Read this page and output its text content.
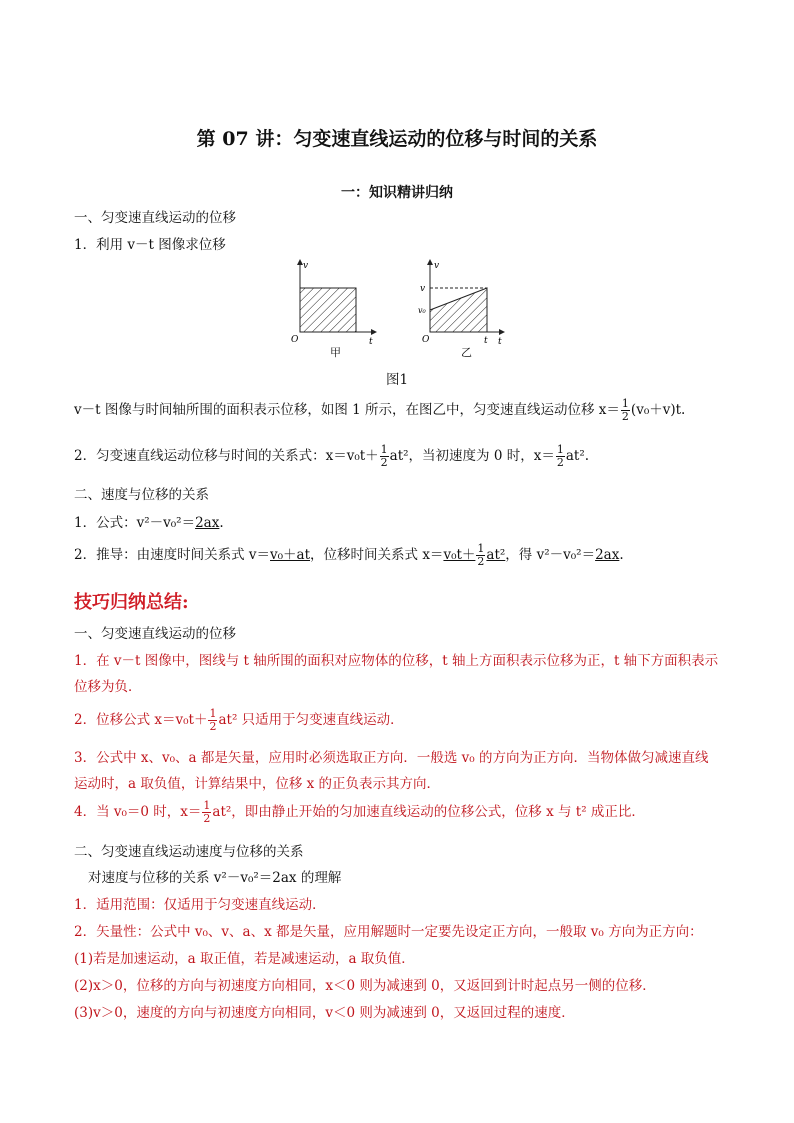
第 07 讲：匀变速直线运动的位移与时间的关系
一：知识精讲归纳
一、匀变速直线运动的位移
1．利用 v－t 图像求位移
v
t
O
甲
v
t
O
v
v₀
t
乙
图1
v－t 图像与时间轴所围的面积表示位移，如图 1 所示，在图乙中，匀变速直线运动位移 $x= \frac{1}{2} (v_0+v)t$.
2．匀变速直线运动位移与时间的关系式：$x=v_0t+ \frac{1}{2} at^2$，当初速度为 0 时，$x= \frac{1}{2} at^2$.
二、速度与位移的关系
1．公式：v²－v₀²＝2ax.
2．推导：由速度时间关系式 v＝v₀＋at，位移时间关系式 $x=v_0t+ \frac{1}{2} at^2$，得 v²－v₀²＝2ax.
技巧归纳总结:
一、匀变速直线运动的位移
1．在 v－t 图像中，图线与 t 轴所围的面积对应物体的位移，t 轴上方面积表示位移为正，t 轴下方面积表示
位移为负．
2．位移公式 $x=v_0t+ \frac{1}{2} at^2$ 只适用于匀变速直线运动．
3．公式中 x、v₀、a 都是矢量，应用时必须选取正方向．一般选 v₀ 的方向为正方向．当物体做匀减速直线
运动时，a 取负值，计算结果中，位移 x 的正负表示其方向．
4．当 v₀＝0 时，$x= \frac{1}{2} at^2$，即由静止开始的匀加速直线运动的位移公式，位移 x 与 t² 成正比．
二、匀变速直线运动速度与位移的关系
对速度与位移的关系 v²－v₀²＝2ax 的理解
1．适用范围：仅适用于匀变速直线运动．
2．矢量性：公式中 v₀、v、a、x 都是矢量，应用解题时一定要先设定正方向，一般取 v₀ 方向为正方向：
(1)若是加速运动，a 取正值，若是减速运动，a 取负值．
(2)x＞0，位移的方向与初速度方向相同，x＜0 则为减速到 0，又返回到计时起点另一侧的位移．
(3)v＞0，速度的方向与初速度方向相同，v＜0 则为减速到 0，又返回过程的速度．
